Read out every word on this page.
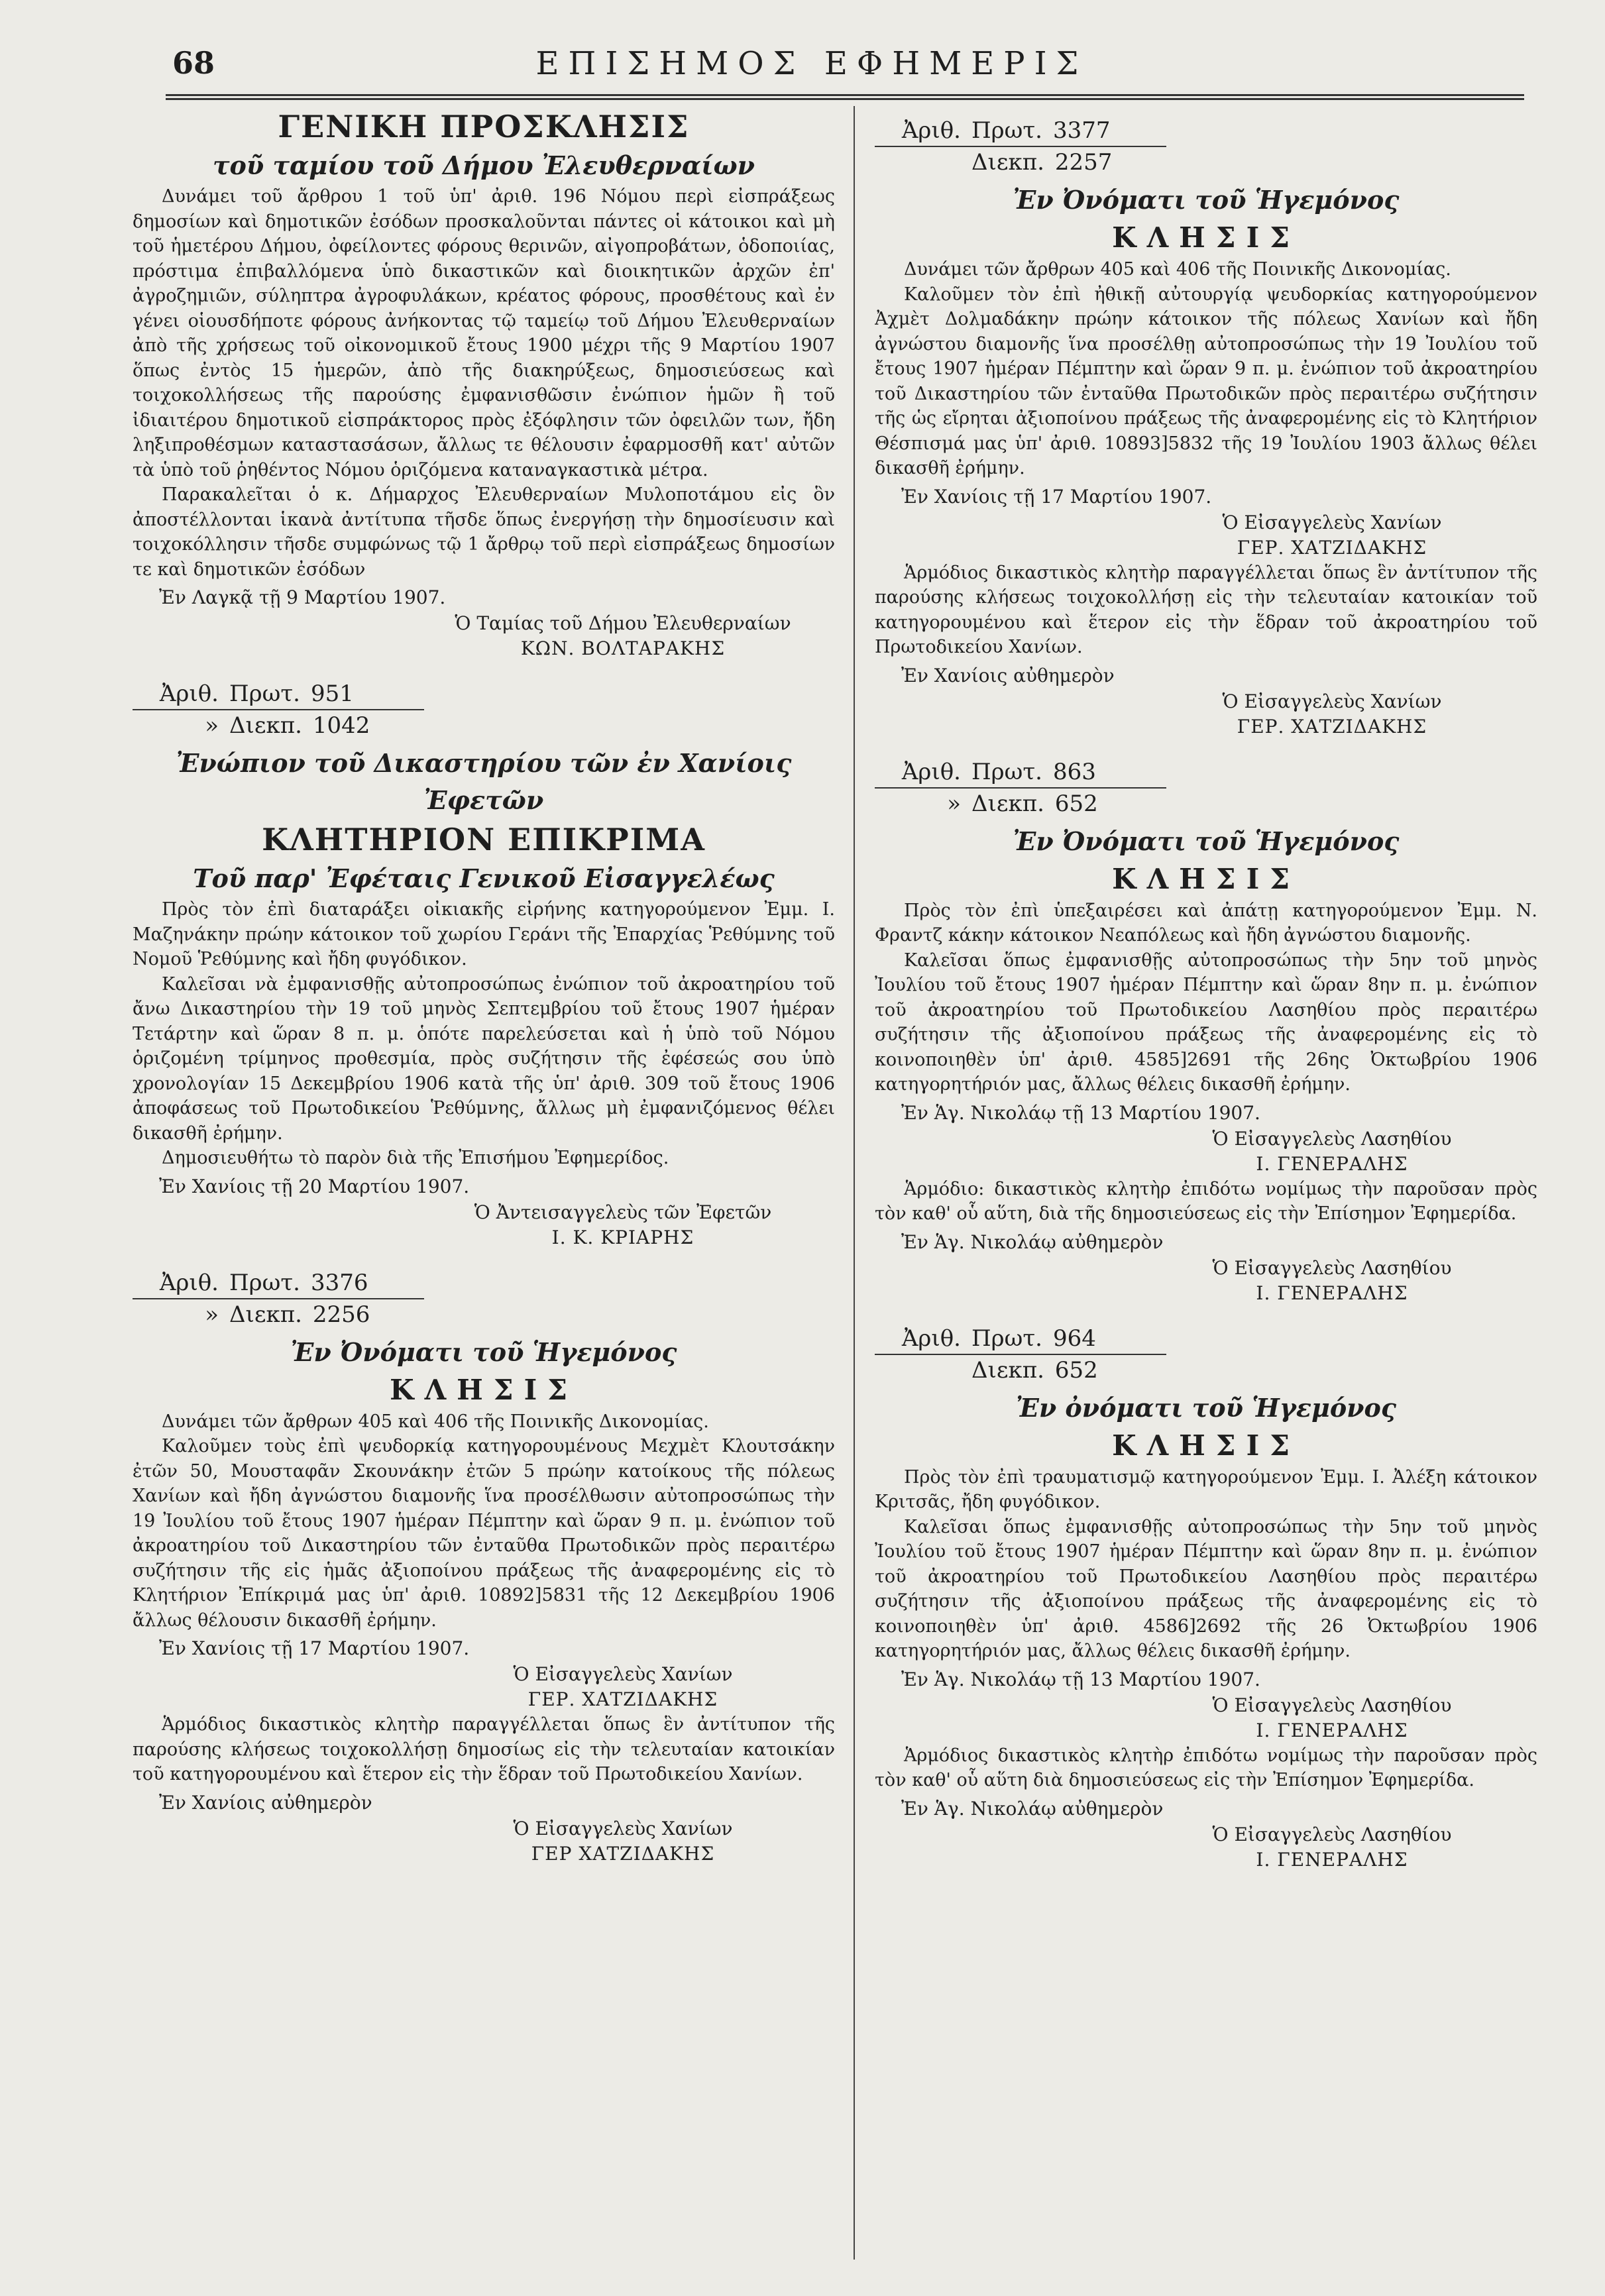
68	ΕΠΙΣΗΜΟΣ ΕΦΗΜΕΡΙΣ
ΓΕΝΙΚΗ ΠΡΟΣΚΛΗΣΙΣ
τοῦ ταμίου τοῦ Δήμου Ἐλευθερναίων

Δυνάμει τοῦ ἄρθρου 1 τοῦ ὑπ' ἀριθ. 196 Νόμου περὶ εἰσπράξεως δημοσίων καὶ δημοτικῶν ἐσόδων προσκαλοῦνται πάντες οἱ κάτοικοι καὶ μὴ τοῦ ἡμετέρου Δήμου, ὀφείλοντες φόρους θερινῶν, αἰγοπροβάτων, ὁδοποιίας, πρόστιμα ἐπιβαλλόμενα ὑπὸ δικαστικῶν καὶ διοικητικῶν ἀρχῶν ἐπ' ἀγροζημιῶν, σύληπτρα ἀγροφυλάκων, κρέατος φόρους, προσθέτους καὶ ἐν γένει οἱουσδήποτε φόρους ἀνήκοντας τῷ ταμείῳ τοῦ Δήμου Ἐλευθερναίων ἀπὸ τῆς χρήσεως τοῦ οἰκονομικοῦ ἔτους 1900 μέχρι τῆς 9 Μαρτίου 1907 ὅπως ἐντὸς 15 ἡμερῶν, ἀπὸ τῆς διακηρύξεως, δημοσιεύσεως καὶ τοιχοκολλήσεως τῆς παρούσης ἐμφανισθῶσιν ἐνώπιον ἡμῶν ἢ τοῦ ἰδιαιτέρου δημοτικοῦ εἰσπράκτορος πρὸς ἐξόφλησιν τῶν ὀφειλῶν των, ἤδη ληξιπροθέσμων καταστασάσων, ἄλλως τε θέλουσιν ἐφαρμοσθῆ κατ' αὐτῶν τὰ ὑπὸ τοῦ ῥηθέντος Νόμου ὁριζόμενα καταναγκαστικὰ μέτρα.

Παρακαλεῖται ὁ κ. Δήμαρχος Ἐλευθερναίων Μυλοποτάμου εἰς ὃν ἀποστέλλονται ἱκανὰ ἀντίτυπα τῆσδε ὅπως ἐνεργήσῃ τὴν δημοσίευσιν καὶ τοιχοκόλλησιν τῆσδε συμφώνως τῷ 1 ἄρθρῳ τοῦ περὶ εἰσπράξεως δημοσίων τε καὶ δημοτικῶν ἐσόδων

Ἐν Λαγκᾷ τῇ 9 Μαρτίου 1907.
Ὁ Ταμίας τοῦ Δήμου Ἐλευθερναίων
ΚΩΝ. ΒΟΛΤΑΡΑΚΗΣ
Ἀριθ. Πρωτ. 951
» Διεκπ. 1042
Ἐνώπιον τοῦ Δικαστηρίου τῶν ἐν Χανίοις Ἐφετῶν
ΚΛΗΤΗΡΙΟΝ ΕΠΙΚΡΙΜΑ
Τοῦ παρ' Ἐφέταις Γενικοῦ Εἰσαγγελέως

Πρὸς τὸν ἐπὶ διαταράξει οἰκιακῆς εἰρήνης κατηγορούμενον Ἐμμ. Ι. Μαζηνάκην πρώην κάτοικον τοῦ χωρίου Γεράνι τῆς Ἐπαρχίας Ῥεθύμνης τοῦ Νομοῦ Ῥεθύμνης καὶ ἤδη φυγόδικον.

Καλεῖσαι νὰ ἐμφανισθῇς αὐτοπροσώπως ἐνώπιον τοῦ ἀκροατηρίου τοῦ ἄνω Δικαστηρίου τὴν 19 τοῦ μηνὸς Σεπτεμβρίου τοῦ ἔτους 1907 ἡμέραν Τετάρτην καὶ ὥραν 8 π. μ. ὁπότε παρελεύσεται καὶ ἡ ὑπὸ τοῦ Νόμου ὁριζομένη τρίμηνος προθεσμία, πρὸς συζήτησιν τῆς ἐφέσεώς σου ὑπὸ χρονολογίαν 15 Δεκεμβρίου 1906 κατὰ τῆς ὑπ' ἀριθ. 309 τοῦ ἔτους 1906 ἀποφάσεως τοῦ Πρωτοδικείου Ῥεθύμνης, ἄλλως μὴ ἐμφανιζόμενος θέλει δικασθῆ ἐρήμην.

Δημοσιευθήτω τὸ παρὸν διὰ τῆς Ἐπισήμου Ἐφημερίδος.

Ἐν Χανίοις τῇ 20 Μαρτίου 1907.
Ὁ Ἀντεισαγγελεὺς τῶν Ἐφετῶν
Ι. Κ. ΚΡΙΑΡΗΣ
Ἀριθ. Πρωτ. 3376
» Διεκπ. 2256
Ἐν Ὀνόματι τοῦ Ἡγεμόνος
ΚΛΗΣΙΣ

Δυνάμει τῶν ἄρθρων 405 καὶ 406 τῆς Ποινικῆς Δικονομίας.

Καλοῦμεν τοὺς ἐπὶ ψευδορκίᾳ κατηγορουμένους Μεχμὲτ Κλουτσάκην ἐτῶν 50, Μουσταφᾶν Σκουνάκην ἐτῶν 5 πρώην κατοίκους τῆς πόλεως Χανίων καὶ ἤδη ἀγνώστου διαμονῆς ἵνα προσέλθωσιν αὐτοπροσώπως τὴν 19 Ἰουλίου τοῦ ἔτους 1907 ἡμέραν Πέμπτην καὶ ὥραν 9 π. μ. ἐνώπιον τοῦ ἀκροατηρίου τοῦ Δικαστηρίου τῶν ἐνταῦθα Πρωτοδικῶν πρὸς περαιτέρω συζήτησιν τῆς εἰς ἡμᾶς ἀξιοποίνου πράξεως τῆς ἀναφερομένης εἰς τὸ Κλητήριον Ἐπίκριμά μας ὑπ' ἀριθ. 10892]5831 τῆς 12 Δεκεμβρίου 1906 ἄλλως θέλουσιν δικασθῆ ἐρήμην.

Ἐν Χανίοις τῇ 17 Μαρτίου 1907.
Ὁ Εἰσαγγελεὺς Χανίων
ΓΕΡ. ΧΑΤΖΙΔΑΚΗΣ

Ἁρμόδιος δικαστικὸς κλητὴρ παραγγέλλεται ὅπως ἓν ἀντίτυπον τῆς παρούσης κλήσεως τοιχοκολλήσῃ δημοσίως εἰς τὴν τελευταίαν κατοικίαν τοῦ κατηγορουμένου καὶ ἕτερον εἰς τὴν ἕδραν τοῦ Πρωτοδικείου Χανίων.

Ἐν Χανίοις αὐθημερὸν
Ὁ Εἰσαγγελεὺς Χανίων
ΓΕΡ ΧΑΤΖΙΔΑΚΗΣ
Ἀριθ. Πρωτ. 3377
Διεκπ. 2257
Ἐν Ὀνόματι τοῦ Ἡγεμόνος
ΚΛΗΣΙΣ

Δυνάμει τῶν ἄρθρων 405 καὶ 406 τῆς Ποινικῆς Δικονομίας.

Καλοῦμεν τὸν ἐπὶ ἠθικῇ αὐτουργίᾳ ψευδορκίας κατηγορούμενον Ἀχμὲτ Δολμαδάκην πρώην κάτοικον τῆς πόλεως Χανίων καὶ ἤδη ἀγνώστου διαμονῆς ἵνα προσέλθῃ αὐτοπροσώπως τὴν 19 Ἰουλίου τοῦ ἔτους 1907 ἡμέραν Πέμπτην καὶ ὥραν 9 π. μ. ἐνώπιον τοῦ ἀκροατηρίου τοῦ Δικαστηρίου τῶν ἐνταῦθα Πρωτοδικῶν πρὸς περαιτέρω συζήτησιν τῆς ὡς εἴρηται ἀξιοποίνου πράξεως τῆς ἀναφερομένης εἰς τὸ Κλητήριον Θέσπισμά μας ὑπ' ἀριθ. 10893]5832 τῆς 19 Ἰουλίου 1903 ἄλλως θέλει δικασθῆ ἐρήμην.

Ἐν Χανίοις τῇ 17 Μαρτίου 1907.
Ὁ Εἰσαγγελεὺς Χανίων
ΓΕΡ. ΧΑΤΖΙΔΑΚΗΣ

Ἁρμόδιος δικαστικὸς κλητὴρ παραγγέλλεται ὅπως ἓν ἀντίτυπον τῆς παρούσης κλήσεως τοιχοκολλήσῃ εἰς τὴν τελευταίαν κατοικίαν τοῦ κατηγορουμένου καὶ ἕτερον εἰς τὴν ἕδραν τοῦ ἀκροατηρίου τοῦ Πρωτοδικείου Χανίων.

Ἐν Χανίοις αὐθημερὸν
Ὁ Εἰσαγγελεὺς Χανίων
ΓΕΡ. ΧΑΤΖΙΔΑΚΗΣ
Ἀριθ. Πρωτ. 863
» Διεκπ. 652
Ἐν Ὀνόματι τοῦ Ἡγεμόνος
ΚΛΗΣΙΣ

Πρὸς τὸν ἐπὶ ὑπεξαιρέσει καὶ ἀπάτῃ κατηγορούμενον Ἐμμ. Ν. Φραντζ κάκην κάτοικον Νεαπόλεως καὶ ἤδη ἀγνώστου διαμονῆς.

Καλεῖσαι ὅπως ἐμφανισθῇς αὐτοπροσώπως τὴν 5ην τοῦ μηνὸς Ἰουλίου τοῦ ἔτους 1907 ἡμέραν Πέμπτην καὶ ὥραν 8ην π. μ. ἐνώπιον τοῦ ἀκροατηρίου τοῦ Πρωτοδικείου Λασηθίου πρὸς περαιτέρω συζήτησιν τῆς ἀξιοποίνου πράξεως τῆς ἀναφερομένης εἰς τὸ κοινοποιηθὲν ὑπ' ἀριθ. 4585]2691 τῆς 26ης Ὀκτωβρίου 1906 κατηγορητήριόν μας, ἄλλως θέλεις δικασθῆ ἐρήμην.

Ἐν Ἁγ. Νικολάῳ τῇ 13 Μαρτίου 1907.
Ὁ Εἰσαγγελεὺς Λασηθίου
Ι. ΓΕΝΕΡΑΛΗΣ

Ἁρμόδιο: δικαστικὸς κλητὴρ ἐπιδότω νομίμως τὴν παροῦσαν πρὸς τὸν καθ' οὗ αὕτη, διὰ τῆς δημοσιεύσεως εἰς τὴν Ἐπίσημον Ἐφημερίδα.

Ἐν Ἁγ. Νικολάῳ αὐθημερὸν
Ὁ Εἰσαγγελεὺς Λασηθίου
Ι. ΓΕΝΕΡΑΛΗΣ
Ἀριθ. Πρωτ. 964
Διεκπ. 652
Ἐν ὀνόματι τοῦ Ἡγεμόνος
ΚΛΗΣΙΣ

Πρὸς τὸν ἐπὶ τραυματισμῷ κατηγορούμενον Ἐμμ. Ι. Ἀλέξη κάτοικον Κριτσᾶς, ἤδη φυγόδικον.

Καλεῖσαι ὅπως ἐμφανισθῇς αὐτοπροσώπως τὴν 5ην τοῦ μηνὸς Ἰουλίου τοῦ ἔτους 1907 ἡμέραν Πέμπτην καὶ ὥραν 8ην π. μ. ἐνώπιον τοῦ ἀκροατηρίου τοῦ Πρωτοδικείου Λασηθίου πρὸς περαιτέρω συζήτησιν τῆς ἀξιοποίνου πράξεως τῆς ἀναφερομένης εἰς τὸ κοινοποιηθὲν ὑπ' ἀριθ. 4586]2692 τῆς 26 Ὀκτωβρίου 1906 κατηγορητήριόν μας, ἄλλως θέλεις δικασθῆ ἐρήμην.

Ἐν Ἁγ. Νικολάῳ τῇ 13 Μαρτίου 1907.
Ὁ Εἰσαγγελεὺς Λασηθίου
Ι. ΓΕΝΕΡΑΛΗΣ

Ἁρμόδιος δικαστικὸς κλητὴρ ἐπιδότω νομίμως τὴν παροῦσαν πρὸς τὸν καθ' οὗ αὕτη διὰ δημοσιεύσεως εἰς τὴν Ἐπίσημον Ἐφημερίδα.

Ἐν Ἁγ. Νικολάῳ αὐθημερὸν
Ὁ Εἰσαγγελεὺς Λασηθίου
Ι. ΓΕΝΕΡΑΛΗΣ
